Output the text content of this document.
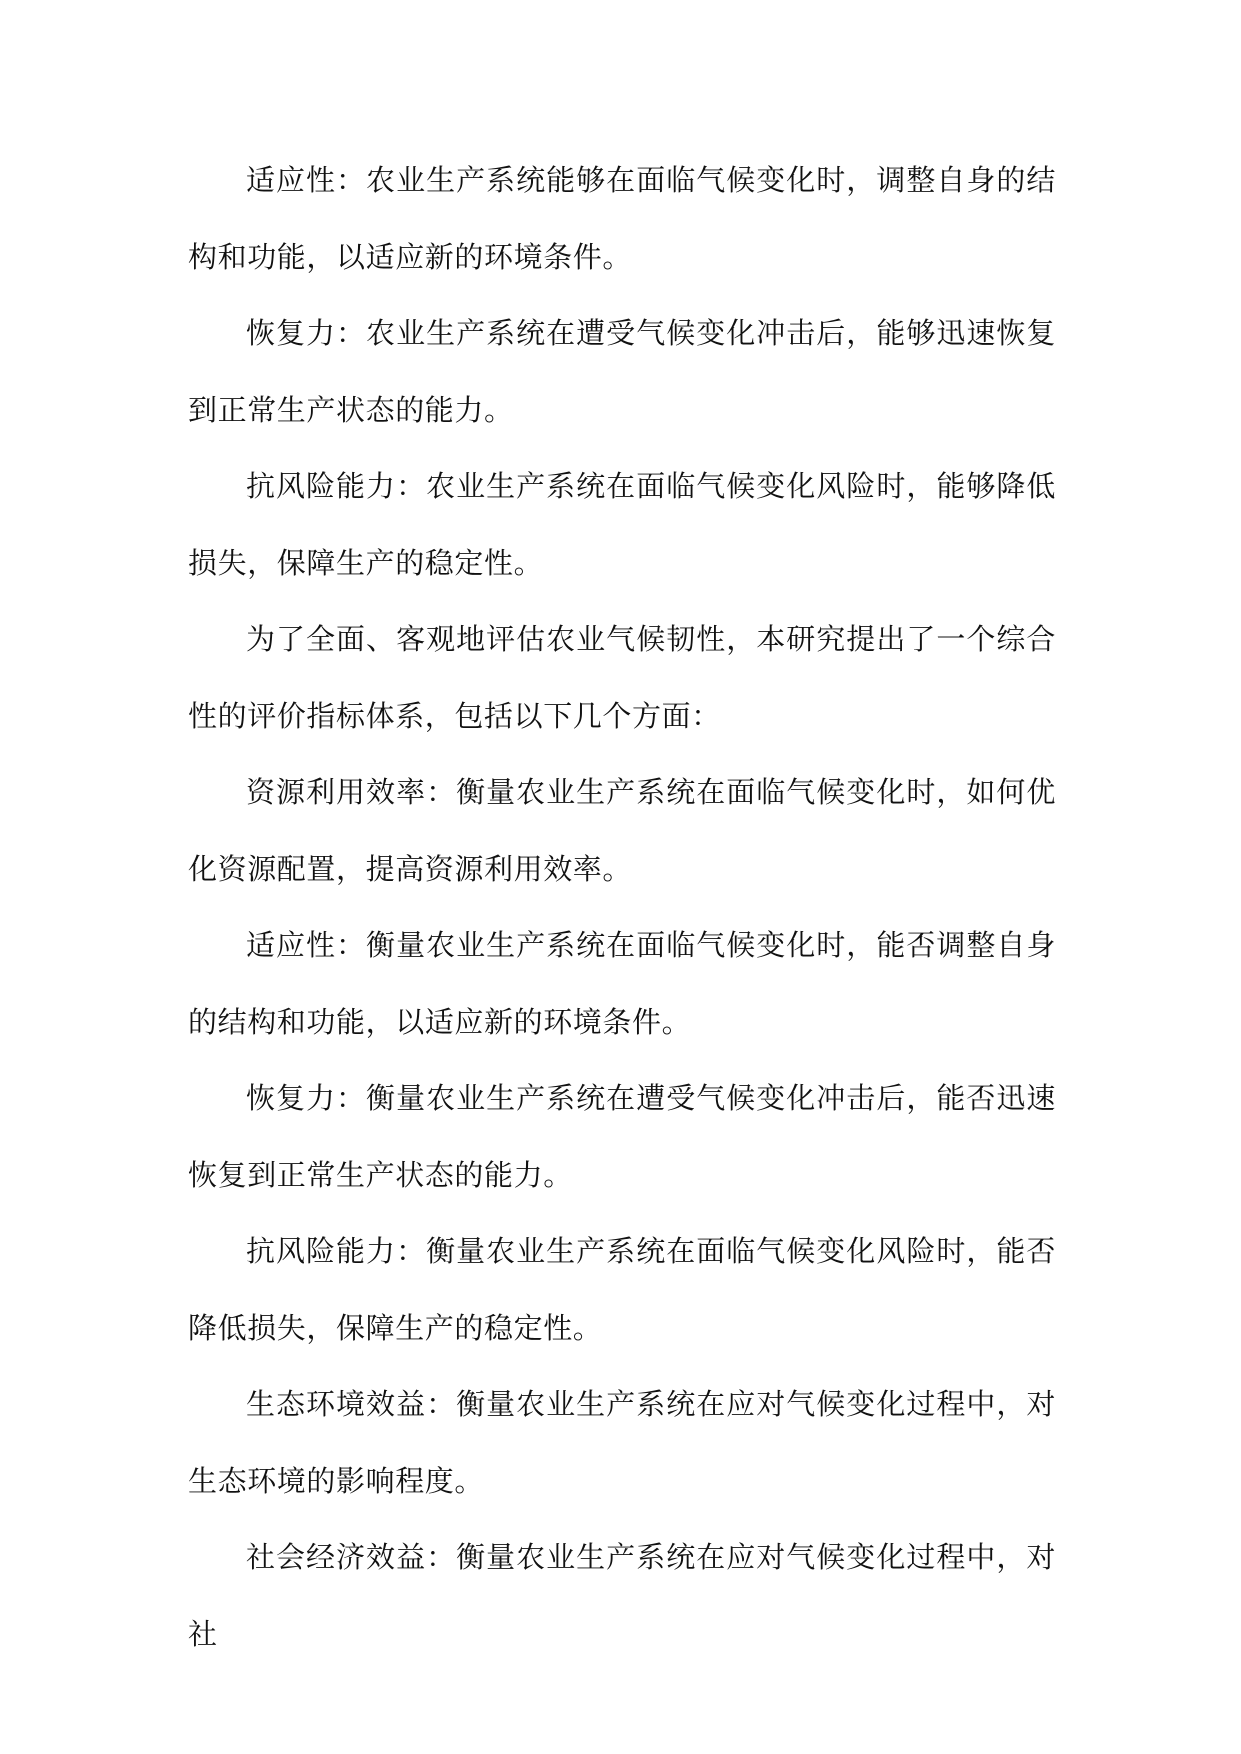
适应性：农业生产系统能够在面临气候变化时，调整自身的结构和功能，以适应新的环境条件。

恢复力：农业生产系统在遭受气候变化冲击后，能够迅速恢复到正常生产状态的能力。

抗风险能力：农业生产系统在面临气候变化风险时，能够降低损失，保障生产的稳定性。

为了全面、客观地评估农业气候韧性，本研究提出了一个综合性的评价指标体系，包括以下几个方面：

资源利用效率：衡量农业生产系统在面临气候变化时，如何优化资源配置，提高资源利用效率。

适应性：衡量农业生产系统在面临气候变化时，能否调整自身的结构和功能，以适应新的环境条件。

恢复力：衡量农业生产系统在遭受气候变化冲击后，能否迅速恢复到正常生产状态的能力。

抗风险能力：衡量农业生产系统在面临气候变化风险时，能否降低损失，保障生产的稳定性。

生态环境效益：衡量农业生产系统在应对气候变化过程中，对生态环境的影响程度。

社会经济效益：衡量农业生产系统在应对气候变化过程中，对社
